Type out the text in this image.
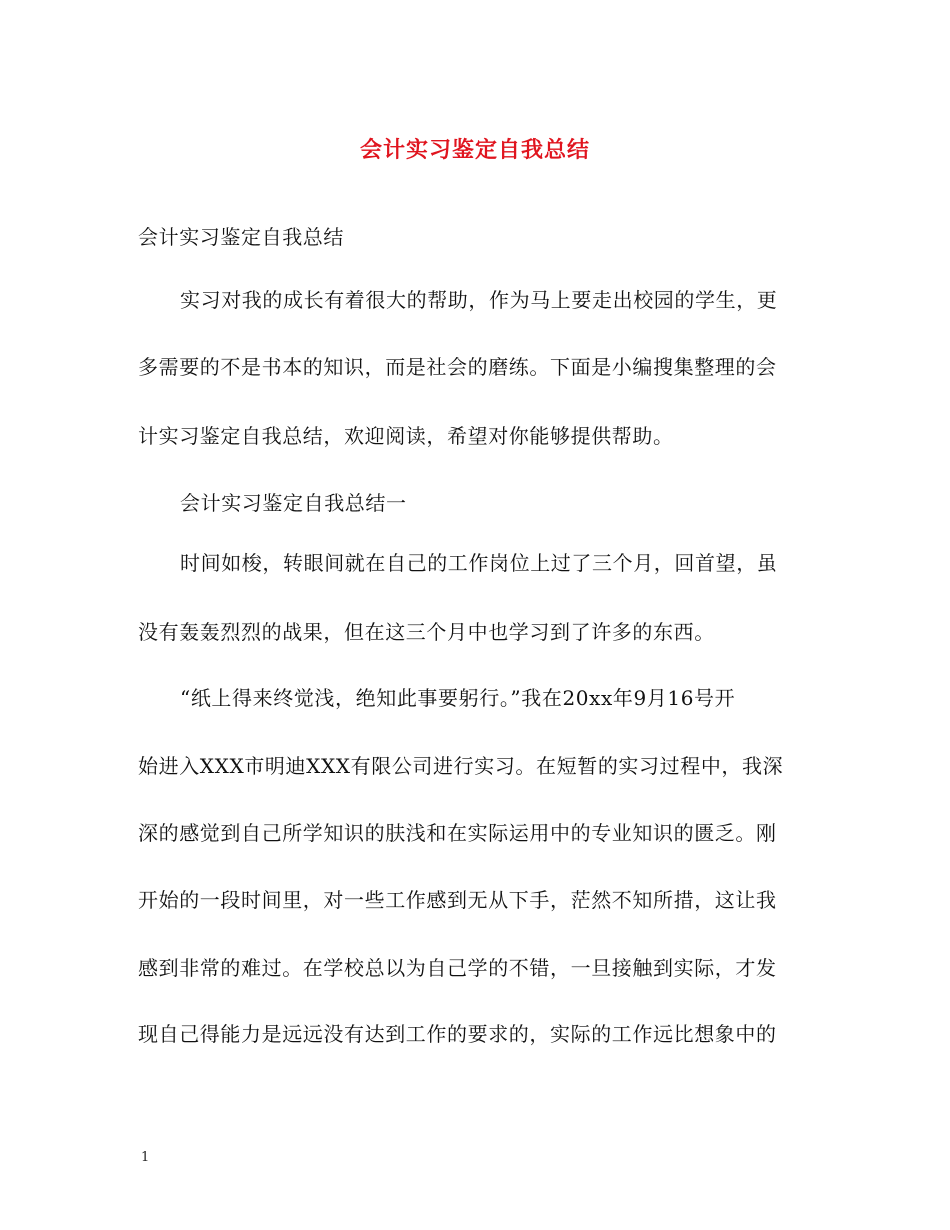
会计实习鉴定自我总结
会计实习鉴定自我总结
实习对我的成长有着很大的帮助，作为马上要走出校园的学生，更
多需要的不是书本的知识，而是社会的磨练。下面是小编搜集整理的会
计实习鉴定自我总结，欢迎阅读，希望对你能够提供帮助。
会计实习鉴定自我总结一
时间如梭，转眼间就在自己的工作岗位上过了三个月，回首望，虽
没有轰轰烈烈的战果，但在这三个月中也学习到了许多的东西。
“纸上得来终觉浅，绝知此事要躬行。”我在20xx年9月16号开
始进入XXX市明迪XXX有限公司进行实习。在短暂的实习过程中，我深
深的感觉到自己所学知识的肤浅和在实际运用中的专业知识的匮乏。刚
开始的一段时间里，对一些工作感到无从下手，茫然不知所措，这让我
感到非常的难过。在学校总以为自己学的不错，一旦接触到实际，才发
现自己得能力是远远没有达到工作的要求的，实际的工作远比想象中的
1
